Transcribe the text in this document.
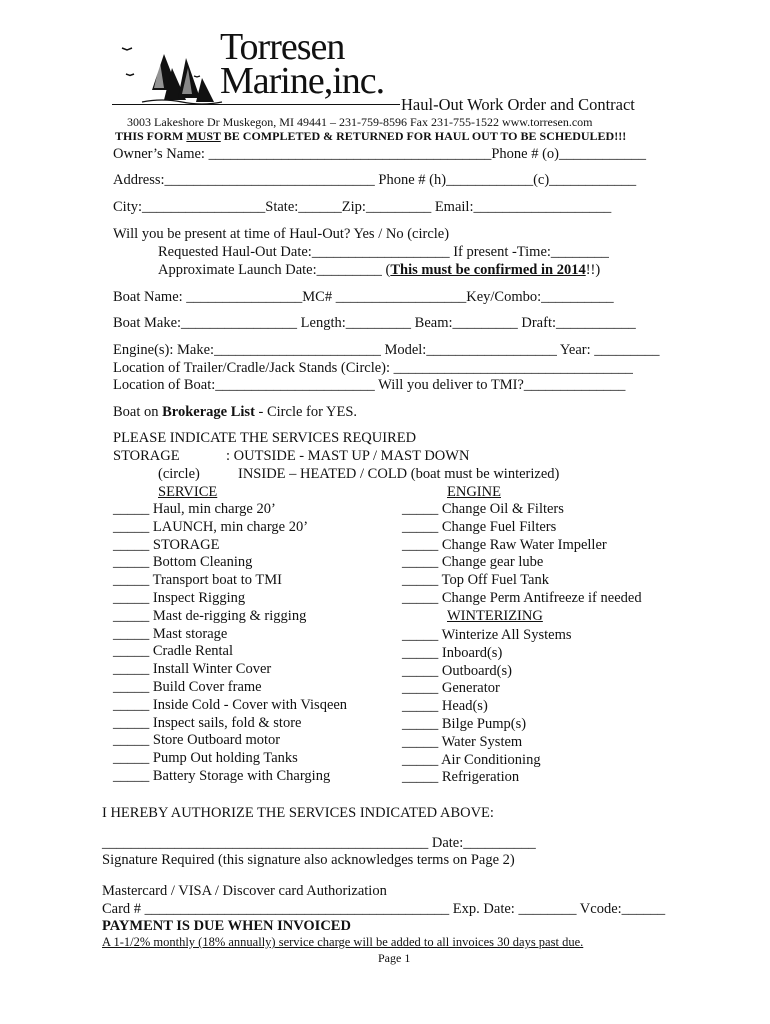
Torresen
Marine,inc.
Haul-Out Work Order and Contract
3003 Lakeshore Dr Muskegon, MI 49441 – 231-759-8596 Fax 231-755-1522 www.torresen.com
THIS FORM MUST BE COMPLETED & RETURNED FOR HAUL OUT TO BE SCHEDULED!!!
Owner’s Name: _______________________________________Phone # (o)____________
Address:_____________________________ Phone # (h)____________(c)____________
City:_________________State:______Zip:_________ Email:___________________
Will you be present at time of Haul-Out? Yes / No (circle)
Requested Haul-Out Date:___________________ If present -Time:________
Approximate Launch Date:_________ (This must be confirmed in 2014!!)
Boat Name: ________________MC# __________________Key/Combo:__________
Boat Make:________________ Length:_________ Beam:_________ Draft:___________
Engine(s): Make:_______________________ Model:__________________ Year: _________
Location of Trailer/Cradle/Jack Stands (Circle): _________________________________
Location of Boat:______________________ Will you deliver to TMI?______________
Boat on Brokerage List - Circle for YES.
PLEASE INDICATE THE SERVICES REQUIRED
STORAGE	: OUTSIDE - MAST UP / MAST DOWN
(circle)	INSIDE – HEATED / COLD (boat must be winterized)
SERVICE	ENGINE
_____ Haul, min charge 20’
_____ LAUNCH, min charge 20’
_____ STORAGE
_____ Bottom Cleaning
_____ Transport boat to TMI
_____ Inspect Rigging
_____ Mast de-rigging & rigging
_____ Mast storage
_____ Cradle Rental
_____ Install Winter Cover
_____ Build Cover frame
_____ Inside Cold - Cover with Visqeen
_____ Inspect sails, fold & store
_____ Store Outboard motor
_____ Pump Out holding Tanks
_____ Battery Storage with Charging
_____ Change Oil & Filters
_____ Change Fuel Filters
_____ Change Raw Water Impeller
_____ Change gear lube
_____ Top Off Fuel Tank
_____ Change Perm Antifreeze if needed
WINTERIZING
_____ Winterize All Systems
_____ Inboard(s)
_____ Outboard(s)
_____ Generator
_____ Head(s)
_____ Bilge Pump(s)
_____ Water System
_____ Air Conditioning
_____ Refrigeration
I HEREBY AUTHORIZE THE SERVICES INDICATED ABOVE:
_____________________________________________ Date:__________
Signature Required (this signature also acknowledges terms on Page 2)
Mastercard / VISA / Discover card Authorization
Card # __________________________________________ Exp. Date: ________ Vcode:______
PAYMENT IS DUE WHEN INVOICED
A 1-1/2% monthly (18% annually) service charge will be added to all invoices 30 days past due.
Page 1
